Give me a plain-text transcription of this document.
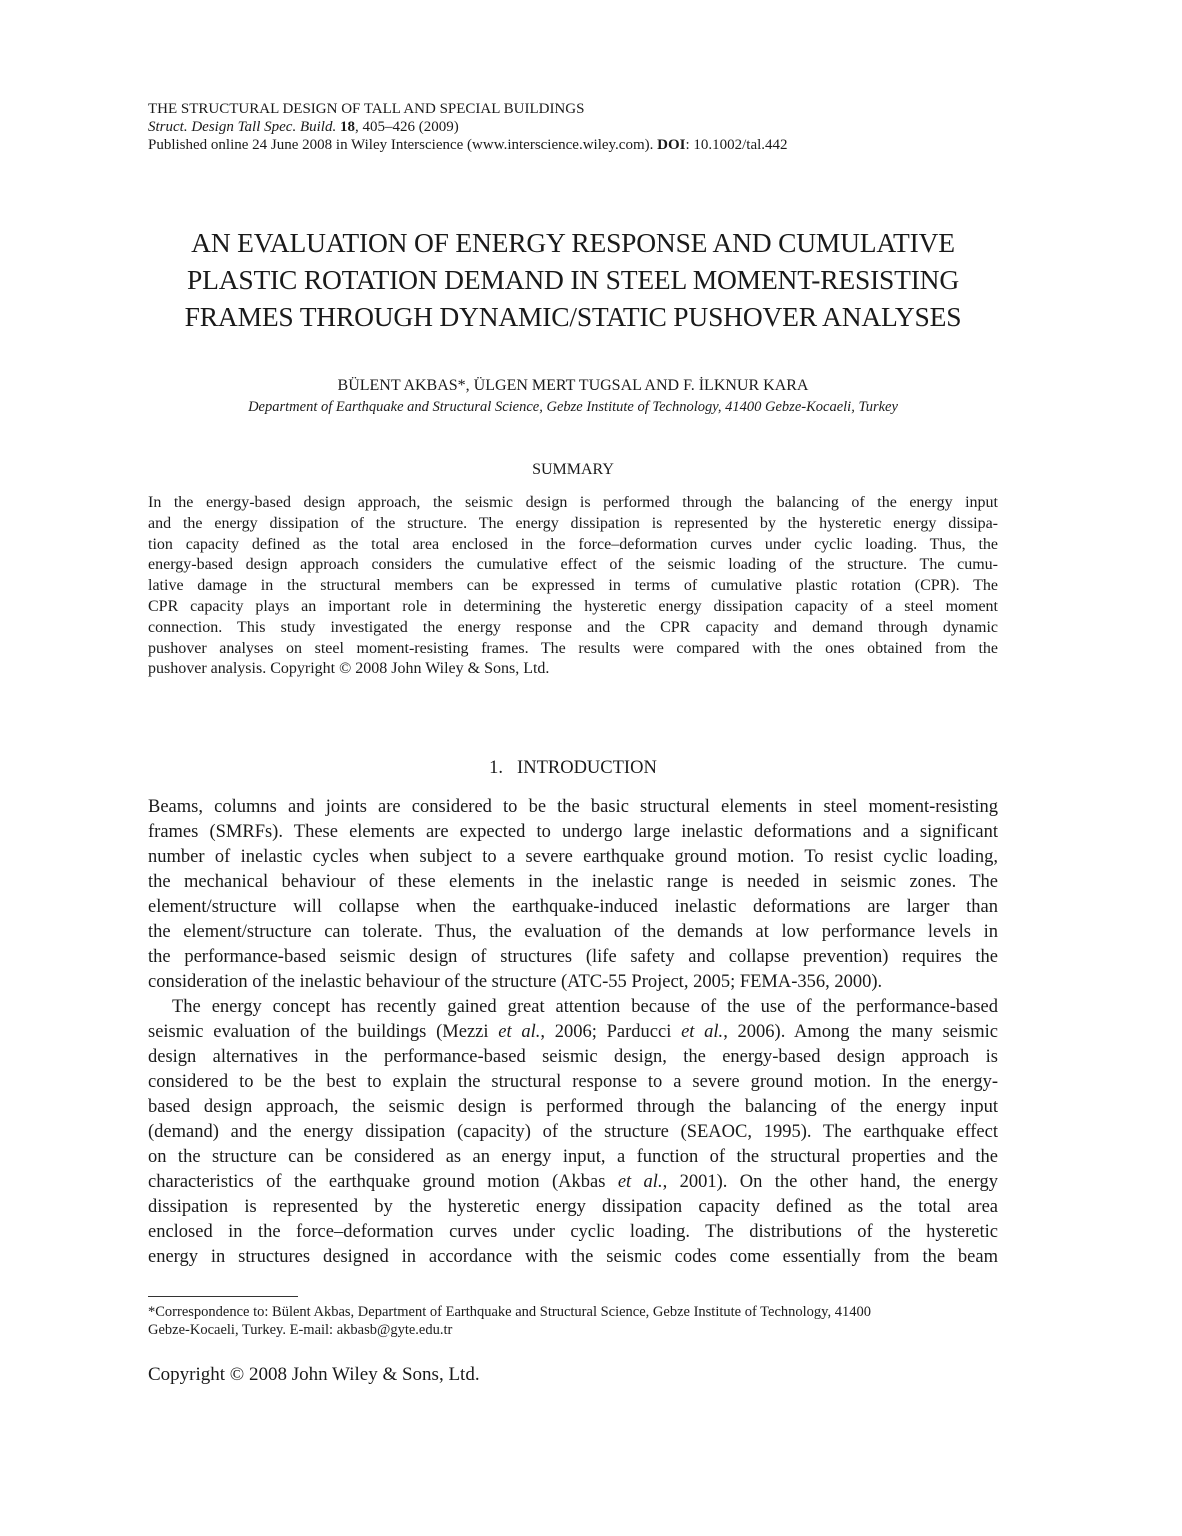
THE STRUCTURAL DESIGN OF TALL AND SPECIAL BUILDINGS
Struct. Design Tall Spec. Build. 18, 405–426 (2009)
Published online 24 June 2008 in Wiley Interscience (www.interscience.wiley.com). DOI: 10.1002/tal.442
AN EVALUATION OF ENERGY RESPONSE AND CUMULATIVE
PLASTIC ROTATION DEMAND IN STEEL MOMENT-RESISTING
FRAMES THROUGH DYNAMIC/STATIC PUSHOVER ANALYSES
BÜLENT AKBAS*, ÜLGEN MERT TUGSAL AND F. İLKNUR KARA
Department of Earthquake and Structural Science, Gebze Institute of Technology, 41400 Gebze-Kocaeli, Turkey
SUMMARY
In the energy-based design approach, the seismic design is performed through the balancing of the energy input
and the energy dissipation of the structure. The energy dissipation is represented by the hysteretic energy dissipa-
tion capacity defined as the total area enclosed in the force–deformation curves under cyclic loading. Thus, the
energy-based design approach considers the cumulative effect of the seismic loading of the structure. The cumu-
lative damage in the structural members can be expressed in terms of cumulative plastic rotation (CPR). The
CPR capacity plays an important role in determining the hysteretic energy dissipation capacity of a steel moment
connection. This study investigated the energy response and the CPR capacity and demand through dynamic
pushover analyses on steel moment-resisting frames. The results were compared with the ones obtained from the
pushover analysis. Copyright © 2008 John Wiley & Sons, Ltd.
1. INTRODUCTION
Beams, columns and joints are considered to be the basic structural elements in steel moment-resisting
frames (SMRFs). These elements are expected to undergo large inelastic deformations and a significant
number of inelastic cycles when subject to a severe earthquake ground motion. To resist cyclic loading,
the mechanical behaviour of these elements in the inelastic range is needed in seismic zones. The
element/structure will collapse when the earthquake-induced inelastic deformations are larger than
the element/structure can tolerate. Thus, the evaluation of the demands at low performance levels in
the performance-based seismic design of structures (life safety and collapse prevention) requires the
consideration of the inelastic behaviour of the structure (ATC-55 Project, 2005; FEMA-356, 2000).
The energy concept has recently gained great attention because of the use of the performance-based
seismic evaluation of the buildings (Mezzi et al., 2006; Parducci et al., 2006). Among the many seismic
design alternatives in the performance-based seismic design, the energy-based design approach is
considered to be the best to explain the structural response to a severe ground motion. In the energy-
based design approach, the seismic design is performed through the balancing of the energy input
(demand) and the energy dissipation (capacity) of the structure (SEAOC, 1995). The earthquake effect
on the structure can be considered as an energy input, a function of the structural properties and the
characteristics of the earthquake ground motion (Akbas et al., 2001). On the other hand, the energy
dissipation is represented by the hysteretic energy dissipation capacity defined as the total area
enclosed in the force–deformation curves under cyclic loading. The distributions of the hysteretic
energy in structures designed in accordance with the seismic codes come essentially from the beam
*Correspondence to: Bülent Akbas, Department of Earthquake and Structural Science, Gebze Institute of Technology, 41400
Gebze-Kocaeli, Turkey. E-mail: akbasb@gyte.edu.tr
Copyright © 2008 John Wiley & Sons, Ltd.
